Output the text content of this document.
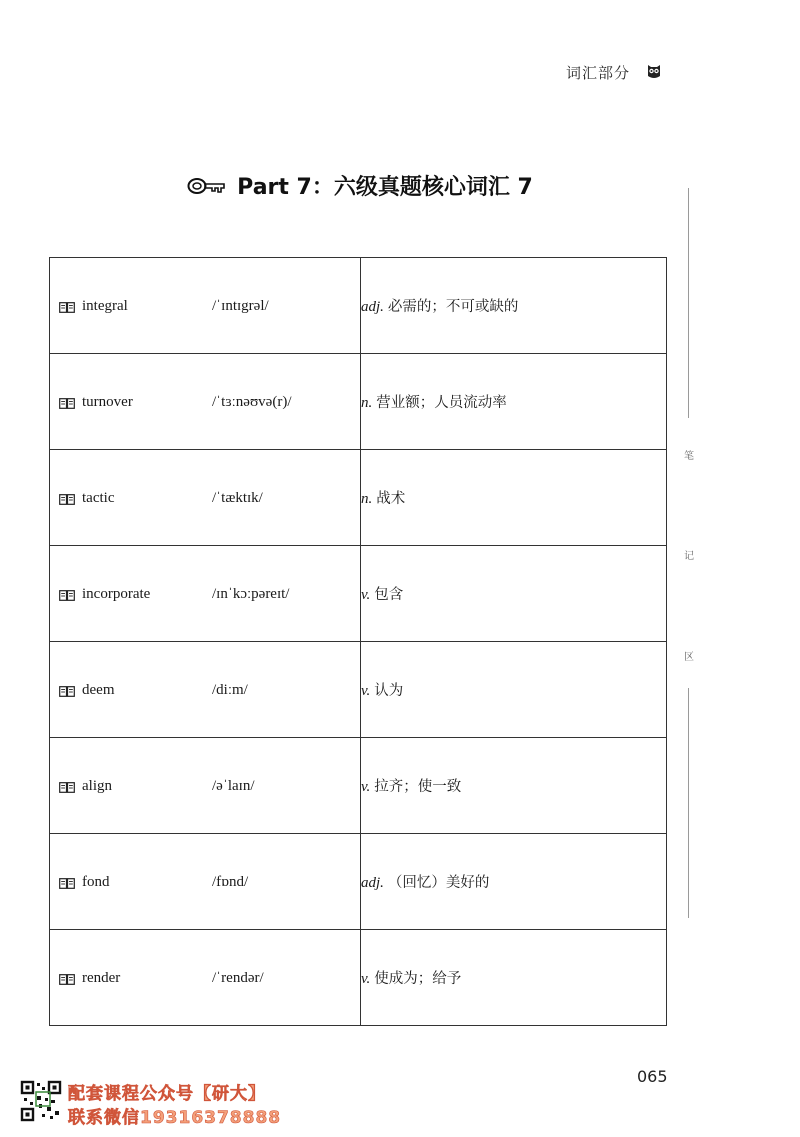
词汇部分
Part 7：六级真题核心词汇 7
integral /ˈɪntɪgrəl/	adj. 必需的；不可或缺的

turnover /ˈtɜːnəʊvə(r)/	n. 营业额；人员流动率

tactic /ˈtæktɪk/	n. 战术

incorporate /ɪnˈkɔːpəreɪt/	v. 包含

deem /diːm/	v. 认为

align /əˈlaɪn/	v. 拉齐；使一致

fond /fɒnd/	adj. （回忆）美好的

render /ˈrendər/	v. 使成为；给予
笔
记
区
065
配套课程公众号【研大】
联系微信19316378888
